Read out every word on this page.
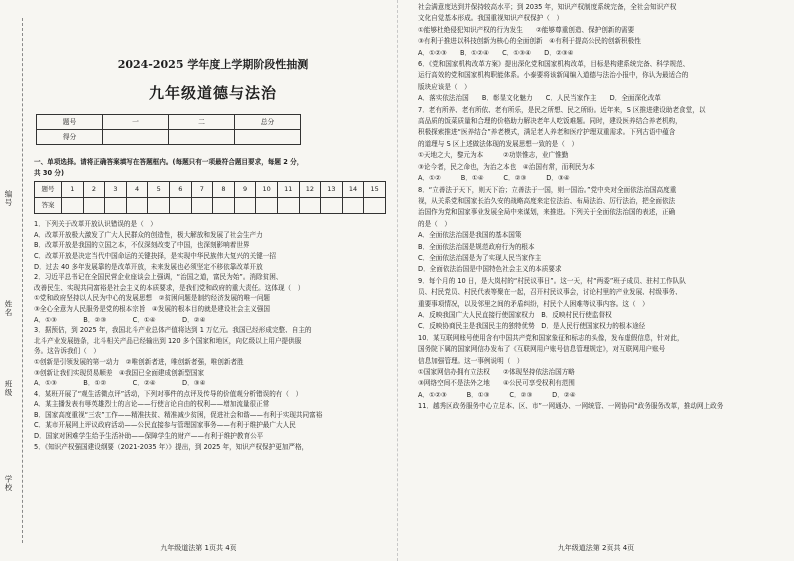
编号
姓名
班级
学校
2024-2025 学年度上学期阶段性抽测
九年级道德与法治
题号	一	二	总分
得分			
一、单项选择。请将正确答案填写在答题框内。(每题只有一项最符合题目要求，每题 2 分，
共 30 分)
题号	1	2	3	4	5	6	7	8	9	10	11	12	13	14	15
答案															
1．下列关于改革开放认识错误的是（　）
A．改革开放极大激发了广大人民群众的创造性，极大解放和发展了社会生产力
B．改革开放是我国的立国之本，不仅深刻改变了中国，也深刻影响着世界
C．改革开放是决定当代中国命运的关键抉择，是实现中华民族伟大复兴的关键一招
D．过去 40 多年发展靠的是改革开放，未来发展也必须坚定不移依靠改革开放
2．习近平总书记在全国民营企业座谈会上强调，“治国之道，富民为始”。消除贫困、
改善民生、实现共同富裕是社会主义的本质要求，是我们党和政府的重大责任。这体现（　）
①党和政府坚持以人民为中心的发展思想　②贫困问题是制约经济发展的唯一问题
③全心全意为人民服务是党的根本宗旨　④发展的根本目的就是建设社会主义强国
A．①③　　　　B．②③　　　　C．①④　　　　D．②④
3．据预估，到 2025 年，我国北斗产业总体产值将达到 1 万亿元。我国已经形成完整、自主的
北斗产业发展链条，北斗相关产品已经输出到 120 多个国家和地区，向亿级以上用户提供服
务。这告诉我们（　）
①创新是引领发展的第一动力　②唯创新者进，唯创新者强，唯创新者胜
③创新让我们实现贸易顺差　④我国已全面建成创新型国家
A．①③　　　　B．①②　　　　C．②④　　　　D．③④
4．某班开展了“观生活微点评”活动，下列对事件的点评及传导的价值观分析错误的有（　）
A．某主播发表有辱英雄烈士的言论——行使言论自由的权利——增加流量很正常
B．国家高度重视“三农”工作——精准扶贫、精准减少贫困，促进社会和谐——有利于实现共同富裕
C．某市开展网上评议政府活动——公民直接参与管理国家事务——有利于维护最广大人民
D．国家对困难学生给予生活补助——保障学生的财产——有利于维护教育公平
5．《知识产权强国建设纲要（2021-2035 年）》提出，到 2025 年，知识产权保护更加严格，
九年级道法第 1页共 4页
社会满意度达到并保持较高水平；到 2035 年，知识产权制度系统完备，全社会知识产权
文化自觉基本形成。我国重视知识产权保护（　）
①能够杜绝侵犯知识产权的行为发生　　②能够尊重创造、保护创新的需要
③有利于推进以科技创新为核心的全面创新　④有利于提高公民的创新积极性
A．①②③　　B．①②④　　C．①③④　　D．②③④
6．《党和国家机构改革方案》提出深化党和国家机构改革，目标是构建系统完备、科学规范、
运行高效的党和国家机构职能体系。小泰要将该新闻编入道德与法治小报中，你认为最适合的
版块应该是（　）
A．落实依法治国　　B．彰显文化魅力　　C．人民当家作主　　D．全面深化改革
7．老有所养、老有所依、老有所乐，是民之所想、民之所盼。近年来，S 区推进建设助老食堂，以
高品质的饭菜质量和合理的价格助力解决老年人吃饭难题。同时，建设医养结合养老机构，
积极探索推进“医养结合”养老模式，满足老人养老和医疗护理双重需求。下列古语中蕴含
的道理与 S 区上述做法体现的发展思想一致的是（　）
①天地之大，黎元为本　　　②功崇惟志，业广惟勤
③论今者，民之命也，为治之本也　④治国有常，而利民为本
A．①②　　　B．①④　　　C．②③　　　D．③④
8．“立善法于天下，则天下治；立善法于一国，则一国治。”党中央对全面依法治国高度重
视，从关系党和国家长治久安的战略高度来定位法治、布局法治、厉行法治，把全面依法
治国作为党和国家事业发展全局中来谋划，来推进。下列关于全面依法治国的表述，正确
的是（　）
A．全面依法治国是我国的基本国策
B．全面依法治国是规范政府行为的根本
C．全面依法治国是为了实现人民当家作主
D．全面依法治国是中国特色社会主义的本质要求
9．每个月的 10 日，是大岚村的“村民议事日”。这一天，村“两委”班子成员、驻村工作队队
员、村民党员、村民代表等聚在一起，召开村民议事会，讨论村里的产业发展、村级事务、
重要事项情况，以及邻里之间的矛盾纠纷，村民个人困难等议事内容。这（　）
A．反映我国广大人民直接行使国家权力　B．反映村民行使监督权
C．反映协商民主是我国民主的独特优势　D．是人民行使国家权力的根本途径
10．某互联网账号使用含有中国共产党和国家象征和标志的头像，发布虚假信息，针对此，
国务院下属的国家网信办发布了《互联网用户账号信息管理规定》，对互联网用户账号
信息加强管理。这一事例说明（　）
①国家网信办拥有立法权　　②体现坚持依法治国方略
③网络空间不是法外之地　　④公民可享受权利有范围
A．①②③　　　B．①③　　　C．②③　　　D．②④
11．越秀区政务服务中心立足本、区、市”一网通办、一网统管、一网协同“政务服务改革，推动网上政务
九年级道法第 2页共 4页
